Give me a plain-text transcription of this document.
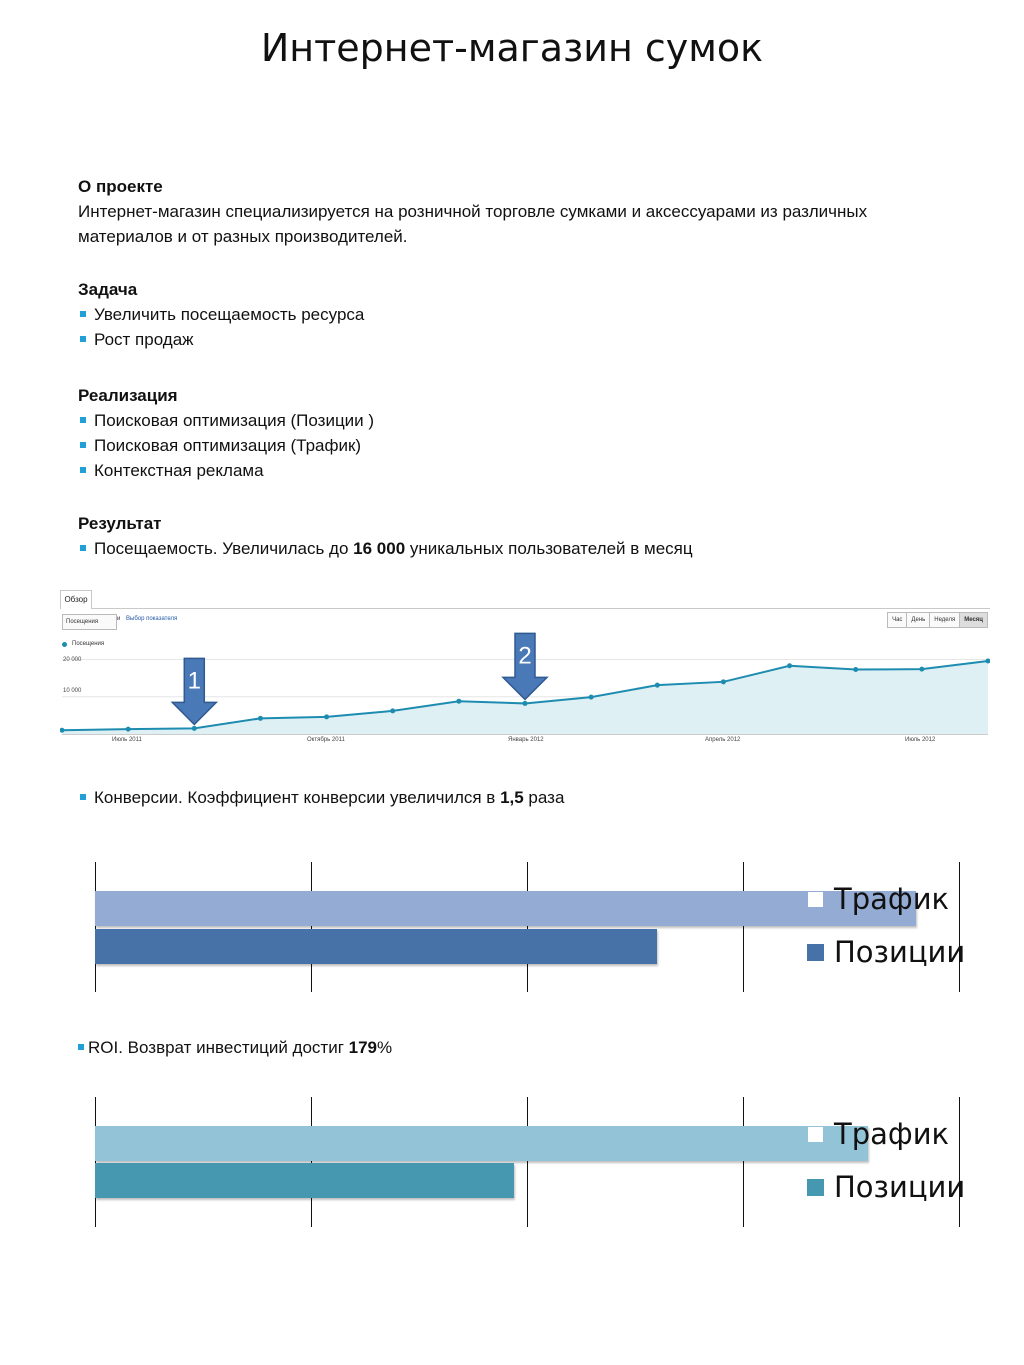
Интернет-магазин сумок
О проекте
Интернет-магазин специализируется на розничной торговле сумками и аксессуарами из различных материалов и от разных производителей.
Задача
Увеличить посещаемость ресурса
Рост продаж
Реализация
Поисковая оптимизация (Позиции )
Поисковая оптимизация (Трафик)
Контекстная реклама
Результат
Посещаемость. Увеличилась до 16 000 уникальных пользователей в месяц
Обзор
Посещения	и Выбор показателя	Час	День	Неделя	Месяц
Посещения
1
2
10 000
20 000
Июль 2011	Октябрь 2011	Январь 2012	Апрель 2012	Июль 2012
Конверсии. Коэффициент конверсии увеличился в 1,5 раза
Трафик
Позиции
ROI. Возврат инвестиций достиг 179%
Трафик
Позиции
